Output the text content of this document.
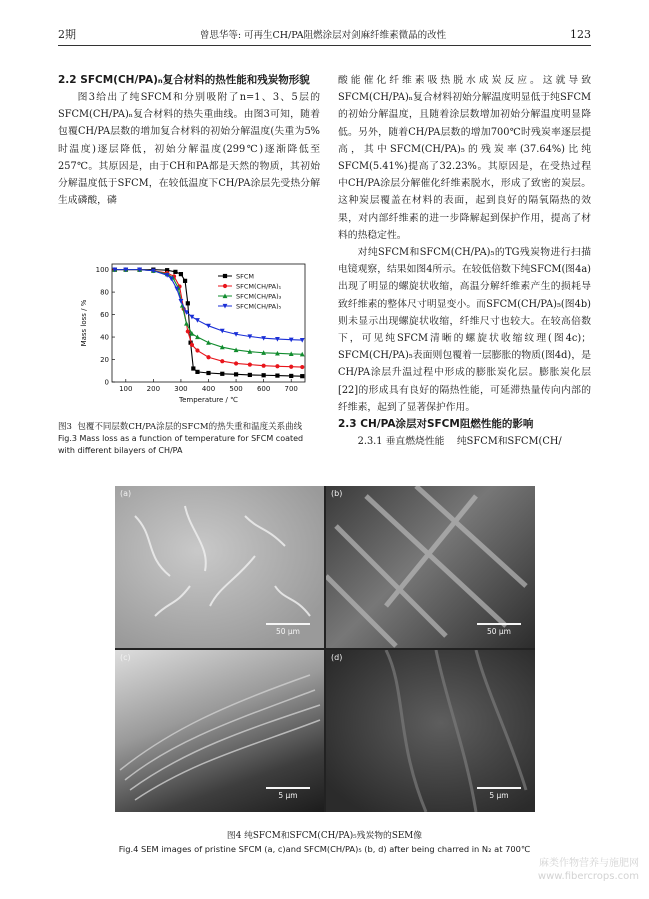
2期	曾思华等: 可再生CH/PA阻燃涂层对剑麻纤维素微晶的改性	123

2.2 SFCM(CH/PA)ₙ复合材料的热性能和残炭物形貌

图3给出了纯SFCM和分别吸附了n=1、3、5层的SFCM(CH/PA)ₙ复合材料的热失重曲线。由图3可知，随着包覆CH/PA层数的增加复合材料的初始分解温度(失重为5%时温度)逐层降低，初始分解温度(299℃)逐渐降低至257℃。其原因是，由于CH和PA都是天然的物质，其初始分解温度低于SFCM，在较低温度下CH/PA涂层先受热分解生成磷酸，磷

100 200 300 400 500 600 700
0
20
40
60
80
100
Temperature / ℃
Mass loss / %
SFCM
SFCM(CH/PA)₁
SFCM(CH/PA)₃
SFCM(CH/PA)₅
图3 包覆不同层数CH/PA涂层的SFCM的热失重和温度关系曲线
Fig.3 Mass loss as a function of temperature for SFCM coated with different bilayers of CH/PA

酸能催化纤维素吸热脱水成炭反应。这就导致SFCM(CH/PA)ₙ复合材料初始分解温度明显低于纯SFCM的初始分解温度，且随着涂层数增加初始分解温度明显降低。另外，随着CH/PA层数的增加700℃时残炭率逐层提高，其中SFCM(CH/PA)₅的残炭率(37.64%)比纯SFCM(5.41%)提高了32.23%。其原因是，在受热过程中CH/PA涂层分解催化纤维素脱水，形成了致密的炭层。这种炭层覆盖在材料的表面，起到良好的隔氧隔热的效果，对内部纤维素的进一步降解起到保护作用，提高了材料的热稳定性。

对纯SFCM和SFCM(CH/PA)₅的TG残炭物进行扫描电镜观察，结果如图4所示。在较低倍数下纯SFCM(图4a)出现了明显的螺旋状收缩，高温分解纤维素产生的损耗导致纤维素的整体尺寸明显变小。而SFCM(CH/PA)₅(图4b)则未显示出现螺旋状收缩，纤维尺寸也较大。在较高倍数下，可见纯SFCM清晰的螺旋状收缩纹理(图4c)；SFCM(CH/PA)₅表面则包覆着一层膨胀的物质(图4d)，是CH/PA涂层升温过程中形成的膨胀炭化层。膨胀炭化层[22]的形成具有良好的隔热性能，可延滞热量传向内部的纤维素，起到了显著保护作用。

2.3 CH/PA涂层对SFCM阻燃性能的影响

2.3.1 垂直燃烧性能 纯SFCM和SFCM(CH/

(a)
50 μm
(b)
50 μm
(c)
5 μm
(d)
5 μm
图4 纯SFCM和SFCM(CH/PA)₅残炭物的SEM像
Fig.4 SEM images of pristine SFCM (a, c)and SFCM(CH/PA)₅ (b, d) after being charred in N₂ at 700℃
麻类作物营养与施肥网
www.fibercrops.com
